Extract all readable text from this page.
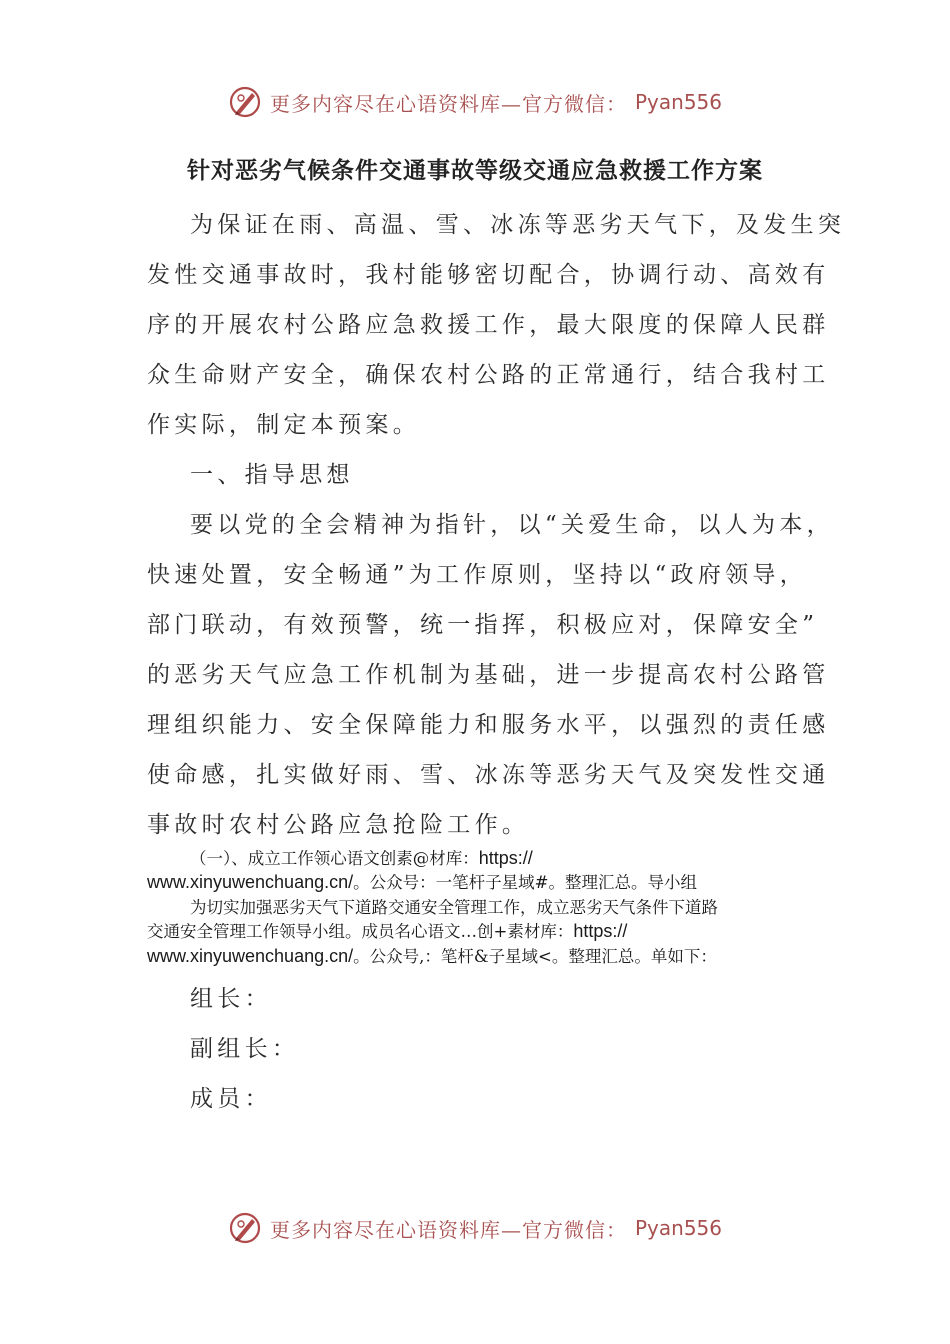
更多内容尽在心语资料库—官方微信： Pyan556
针对恶劣气候条件交通事故等级交通应急救援工作方案
为保证在雨、高温、雪、冰冻等恶劣天气下，及发生突
发性交通事故时，我村能够密切配合，协调行动、高效有
序的开展农村公路应急救援工作，最大限度的保障人民群
众生命财产安全，确保农村公路的正常通行，结合我村工
作实际，制定本预案。
一、指导思想
要以党的全会精神为指针，以“关爱生命，以人为本，
快速处置，安全畅通”为工作原则，坚持以“政府领导，
部门联动，有效预警，统一指挥，积极应对，保障安全”
的恶劣天气应急工作机制为基础，进一步提高农村公路管
理组织能力、安全保障能力和服务水平，以强烈的责任感
使命感，扎实做好雨、雪、冰冻等恶劣天气及突发性交通
事故时农村公路应急抢险工作。
（一）、成立工作领心语文创素@材库：https://
www.xinyuwenchuang.cn/。公众号：一笔杆子星域#。整理汇总。导小组
为切实加强恶劣天气下道路交通安全管理工作，成立恶劣天气条件下道路
交通安全管理工作领导小组。成员名心语文…创+素材库：https://
www.xinyuwenchuang.cn/。公众号,：笔杆&子星域<。整理汇总。单如下：
组长：
副组长：
成员：
更多内容尽在心语资料库—官方微信： Pyan556
